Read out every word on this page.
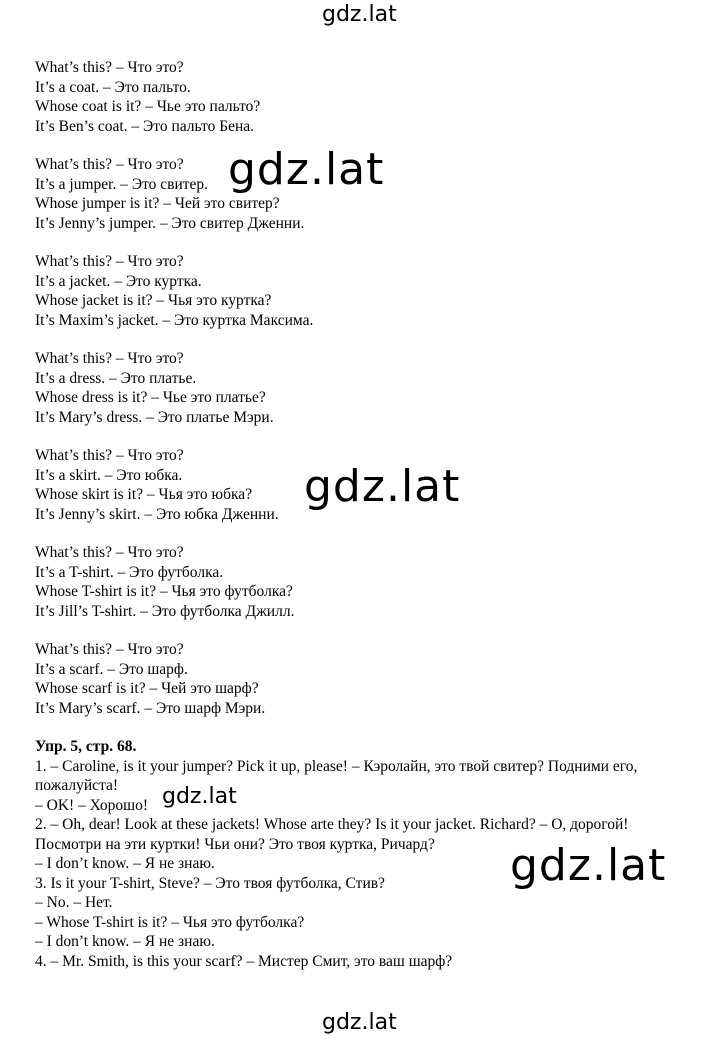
gdz.lat
What’s this? – Что это?
It’s a coat. – Это пальто.
Whose coat is it? – Чье это пальто?
It’s Ben’s coat. – Это пальто Бена.
What’s this? – Что это?
It’s a jumper. – Это свитер.
Whose jumper is it? – Чей это свитер?
It’s Jenny’s jumper. – Это свитер Дженни.
What’s this? – Что это?
It’s a jacket. – Это куртка.
Whose jacket is it? – Чья это куртка?
It’s Maxim’s jacket. – Это куртка Максима.
What’s this? – Что это?
It’s a dress. – Это платье.
Whose dress is it? – Чье это платье?
It’s Mary’s dress. – Это платье Мэри.
What’s this? – Что это?
It’s a skirt. – Это юбка.
Whose skirt is it? – Чья это юбка?
It’s Jenny’s skirt. – Это юбка Дженни.
What’s this? – Что это?
It’s a T-shirt. – Это футболка.
Whose T-shirt is it? – Чья это футболка?
It’s Jill’s T-shirt. – Это футболка Джилл.
What’s this? – Что это?
It’s a scarf. – Это шарф.
Whose scarf is it? – Чей это шарф?
It’s Mary’s scarf. – Это шарф Мэри.
Упр. 5, стр. 68.
1. – Caroline, is it your jumper? Pick it up, please! – Кэролайн, это твой свитер? Подними его, пожалуйста!
– OK! – Хорошо!
2. – Oh, dear! Look at these jackets! Whose arte they? Is it your jacket. Richard? – О, дорогой! Посмотри на эти куртки! Чьи они? Это твоя куртка, Ричард?
– I don’t know. – Я не знаю.
3. Is it your T-shirt, Steve? – Это твоя футболка, Стив?
– No. – Нет.
– Whose T-shirt is it? – Чья это футболка?
– I don’t know. – Я не знаю.
4. – Mr. Smith, is this your scarf? – Мистер Смит, это ваш шарф?
gdz.lat
gdz.lat
gdz.lat
gdz.lat
gdz.lat
